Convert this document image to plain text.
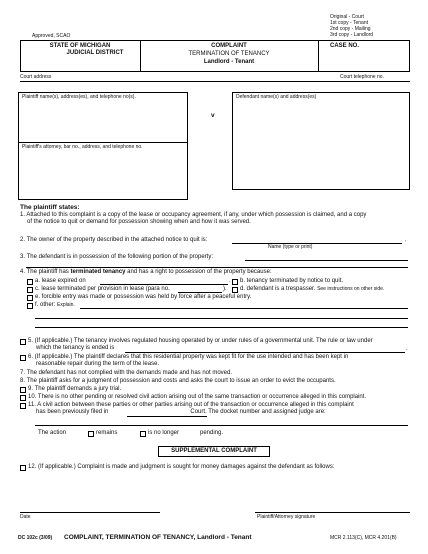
Original - Court
1st copy - Tenant
2nd copy - Mailing
3rd copy - Landlord
Approved, SCAO
STATE OF MICHIGAN
JUDICIAL DISTRICT
COMPLAINT
TERMINATION OF TENANCY
Landlord - Tenant
CASE NO.
Court address	Court telephone no.
Plaintiff name(s), address(es), and telephone no(s).
Plaintiff's attorney, bar no., address, and telephone no.
v
Defendant name(s) and address(es)
The plaintiff states:
1. Attached to this complaint is a copy of the lease or occupancy agreement, if any, under which possession is claimed, and a copy
of the notice to quit or demand for possession showing when and how it was served.
2. The owner of the property described in the attached notice to quit is:	,
Name (type or print)
3. The defendant is in possession of the following portion of the property:
4. The plaintiff has terminated tenancy and has a right to possession of the property because:
a. lease expired on	. b. tenancy terminated by notice to quit.
c. lease terminated per provision in lease (para no.	). d. defendant is a trespasser. See instructions on other side.
e. forcible entry was made or possession was held by force after a peaceful entry.
f. other: Explain.
5. (If applicable.) The tenancy involves regulated housing operated by or under rules of a governmental unit. The rule or law under
which the tenancy is ended is	.
6. (If applicable.) The plaintiff declares that this residential property was kept fit for the use intended and has been kept in
reasonable repair during the term of the lease.
7. The defendant has not complied with the demands made and has not moved.
8. The plaintiff asks for a judgment of possession and costs and asks the court to issue an order to evict the occupants.
9. The plaintiff demands a jury trial.
10. There is no other pending or resolved civil action arising out of the same transaction or occurrence alleged in this complaint.
11. A civil action between these parties or other parties arising out of the transaction or occurrence alleged in this complaint
has been previously filed in	Court. The docket number and assigned judge are:
The action	remains	is no longer	pending.
SUPPLEMENTAL COMPLAINT
12. (If applicable.) Complaint is made and judgment is sought for money damages against the defendant as follows:
Date	Plaintiff/Attorney signature
DC 102c (3/09) COMPLAINT, TERMINATION OF TENANCY, Landlord - Tenant	MCR 2.113(C), MCR 4.201(B)
